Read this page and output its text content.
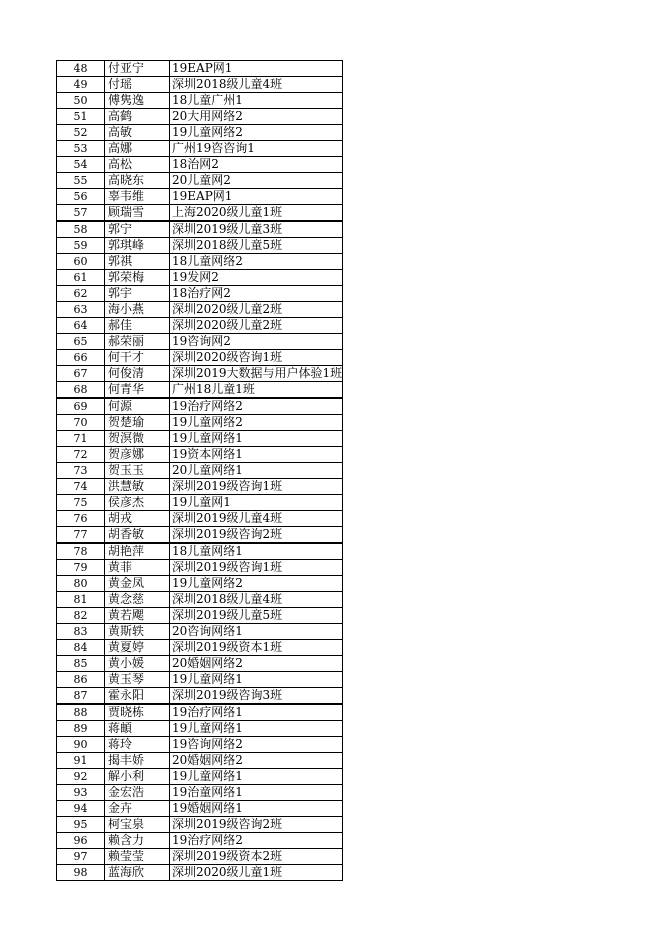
48	付亚宁	19EAP网1
49	付瑶	深圳2018级儿童4班
50	傅隽逸	18儿童广州1
51	高鹤	20大用网络2
52	高敏	19儿童网络2
53	高娜	广州19咨咨询1
54	高松	18治网2
55	高晓东	20儿童网2
56	辜韦维	19EAP网1
57	顾瑞雪	上海2020级儿童1班
58	郭宁	深圳2019级儿童3班
59	郭琪峰	深圳2018级儿童5班
60	郭祺	18儿童网络2
61	郭荣梅	19发网2
62	郭宇	18治疗网2
63	海小燕	深圳2020级儿童2班
64	郝佳	深圳2020级儿童2班
65	郝荣丽	19咨询网2
66	何干才	深圳2020级咨询1班
67	何俊清	深圳2019大数据与用户体验1班
68	何青华	广州18儿童1班
69	何源	19治疗网络2
70	贺楚瑜	19儿童网络2
71	贺溟微	19儿童网络1
72	贺彦娜	19资本网络1
73	贺玉玉	20儿童网络1
74	洪慧敏	深圳2019级咨询1班
75	侯彦杰	19儿童网1
76	胡戎	深圳2019级儿童4班
77	胡香敏	深圳2019级咨询2班
78	胡艳萍	18儿童网络1
79	黄菲	深圳2019级咨询1班
80	黄金凤	19儿童网络2
81	黄念慈	深圳2018级儿童4班
82	黄若飔	深圳2019级儿童5班
83	黄斯轶	20咨询网络1
84	黄夏婷	深圳2019级资本1班
85	黄小媛	20婚姻网络2
86	黄玉琴	19儿童网络1
87	霍永阳	深圳2019级咨询3班
88	贾晓栋	19治疗网络1
89	蒋頔	19儿童网络1
90	蒋玲	19咨询网络2
91	揭丰娇	20婚姻网络2
92	解小利	19儿童网络1
93	金宏浩	19治童网络1
94	金卉	19婚姻网络1
95	柯宝泉	深圳2019级咨询2班
96	赖含力	19治疗网络2
97	赖莹莹	深圳2019级资本2班
98	蓝海欣	深圳2020级儿童1班
